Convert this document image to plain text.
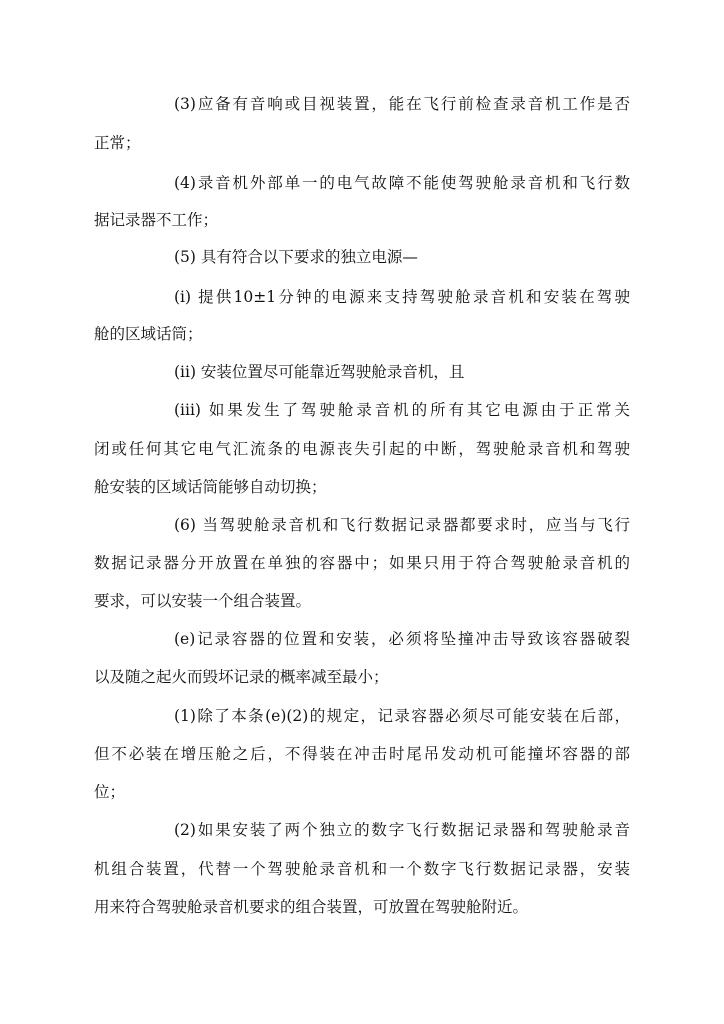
(3)应备有音响或目视装置，能在飞行前检查录音机工作是否
正常；
(4)录音机外部单一的电气故障不能使驾驶舱录音机和飞行数
据记录器不工作；
(5) 具有符合以下要求的独立电源—
(i) 提供10±1分钟的电源来支持驾驶舱录音机和安装在驾驶
舱的区域话筒；
(ii) 安装位置尽可能靠近驾驶舱录音机，且
(iii) 如果发生了驾驶舱录音机的所有其它电源由于正常关
闭或任何其它电气汇流条的电源丧失引起的中断，驾驶舱录音机和驾驶
舱安装的区域话筒能够自动切换；
(6) 当驾驶舱录音机和飞行数据记录器都要求时，应当与飞行
数据记录器分开放置在单独的容器中；如果只用于符合驾驶舱录音机的
要求，可以安装一个组合装置。
(e)记录容器的位置和安装，必须将坠撞冲击导致该容器破裂
以及随之起火而毁坏记录的概率减至最小；
(1)除了本条(e)(2)的规定，记录容器必须尽可能安装在后部，
但不必装在增压舱之后，不得装在冲击时尾吊发动机可能撞坏容器的部
位；
(2)如果安装了两个独立的数字飞行数据记录器和驾驶舱录音
机组合装置，代替一个驾驶舱录音机和一个数字飞行数据记录器，安装
用来符合驾驶舱录音机要求的组合装置，可放置在驾驶舱附近。
